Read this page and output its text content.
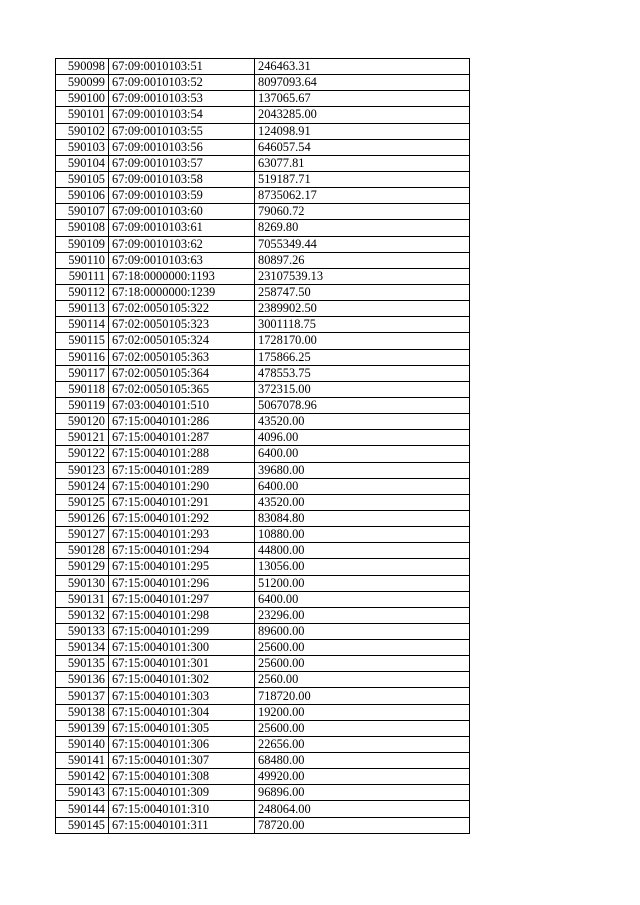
590098	67:09:0010103:51	246463.31
590099	67:09:0010103:52	8097093.64
590100	67:09:0010103:53	137065.67
590101	67:09:0010103:54	2043285.00
590102	67:09:0010103:55	124098.91
590103	67:09:0010103:56	646057.54
590104	67:09:0010103:57	63077.81
590105	67:09:0010103:58	519187.71
590106	67:09:0010103:59	8735062.17
590107	67:09:0010103:60	79060.72
590108	67:09:0010103:61	8269.80
590109	67:09:0010103:62	7055349.44
590110	67:09:0010103:63	80897.26
590111	67:18:0000000:1193	23107539.13
590112	67:18:0000000:1239	258747.50
590113	67:02:0050105:322	2389902.50
590114	67:02:0050105:323	3001118.75
590115	67:02:0050105:324	1728170.00
590116	67:02:0050105:363	175866.25
590117	67:02:0050105:364	478553.75
590118	67:02:0050105:365	372315.00
590119	67:03:0040101:510	5067078.96
590120	67:15:0040101:286	43520.00
590121	67:15:0040101:287	4096.00
590122	67:15:0040101:288	6400.00
590123	67:15:0040101:289	39680.00
590124	67:15:0040101:290	6400.00
590125	67:15:0040101:291	43520.00
590126	67:15:0040101:292	83084.80
590127	67:15:0040101:293	10880.00
590128	67:15:0040101:294	44800.00
590129	67:15:0040101:295	13056.00
590130	67:15:0040101:296	51200.00
590131	67:15:0040101:297	6400.00
590132	67:15:0040101:298	23296.00
590133	67:15:0040101:299	89600.00
590134	67:15:0040101:300	25600.00
590135	67:15:0040101:301	25600.00
590136	67:15:0040101:302	2560.00
590137	67:15:0040101:303	718720.00
590138	67:15:0040101:304	19200.00
590139	67:15:0040101:305	25600.00
590140	67:15:0040101:306	22656.00
590141	67:15:0040101:307	68480.00
590142	67:15:0040101:308	49920.00
590143	67:15:0040101:309	96896.00
590144	67:15:0040101:310	248064.00
590145	67:15:0040101:311	78720.00
